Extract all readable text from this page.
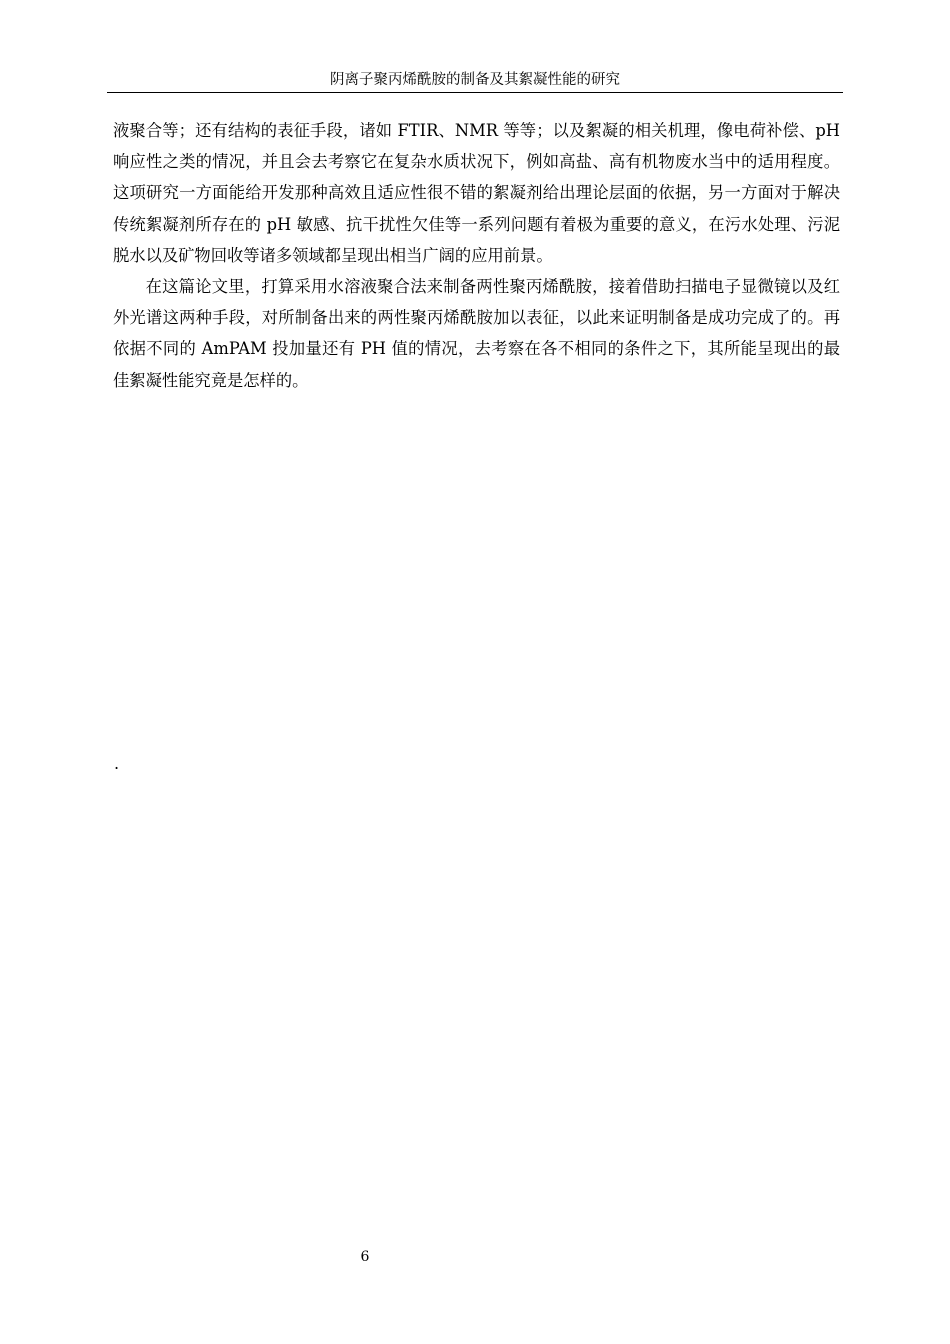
阴离子聚丙烯酰胺的制备及其絮凝性能的研究

液聚合等；还有结构的表征手段，诸如 FTIR、NMR 等等；以及絮凝的相关机理，像电荷补偿、pH 响应性之类的情况，并且会去考察它在复杂水质状况下，例如高盐、高有机物废水当中的适用程度。这项研究一方面能给开发那种高效且适应性很不错的絮凝剂给出理论层面的依据，另一方面对于解决传统絮凝剂所存在的 pH 敏感、抗干扰性欠佳等一系列问题有着极为重要的意义，在污水处理、污泥脱水以及矿物回收等诸多领域都呈现出相当广阔的应用前景。

在这篇论文里，打算采用水溶液聚合法来制备两性聚丙烯酰胺，接着借助扫描电子显微镜以及红外光谱这两种手段，对所制备出来的两性聚丙烯酰胺加以表征，以此来证明制备是成功完成了的。再依据不同的 AmPAM 投加量还有 PH 值的情况，去考察在各不相同的条件之下，其所能呈现出的最佳絮凝性能究竟是怎样的。

.
6
